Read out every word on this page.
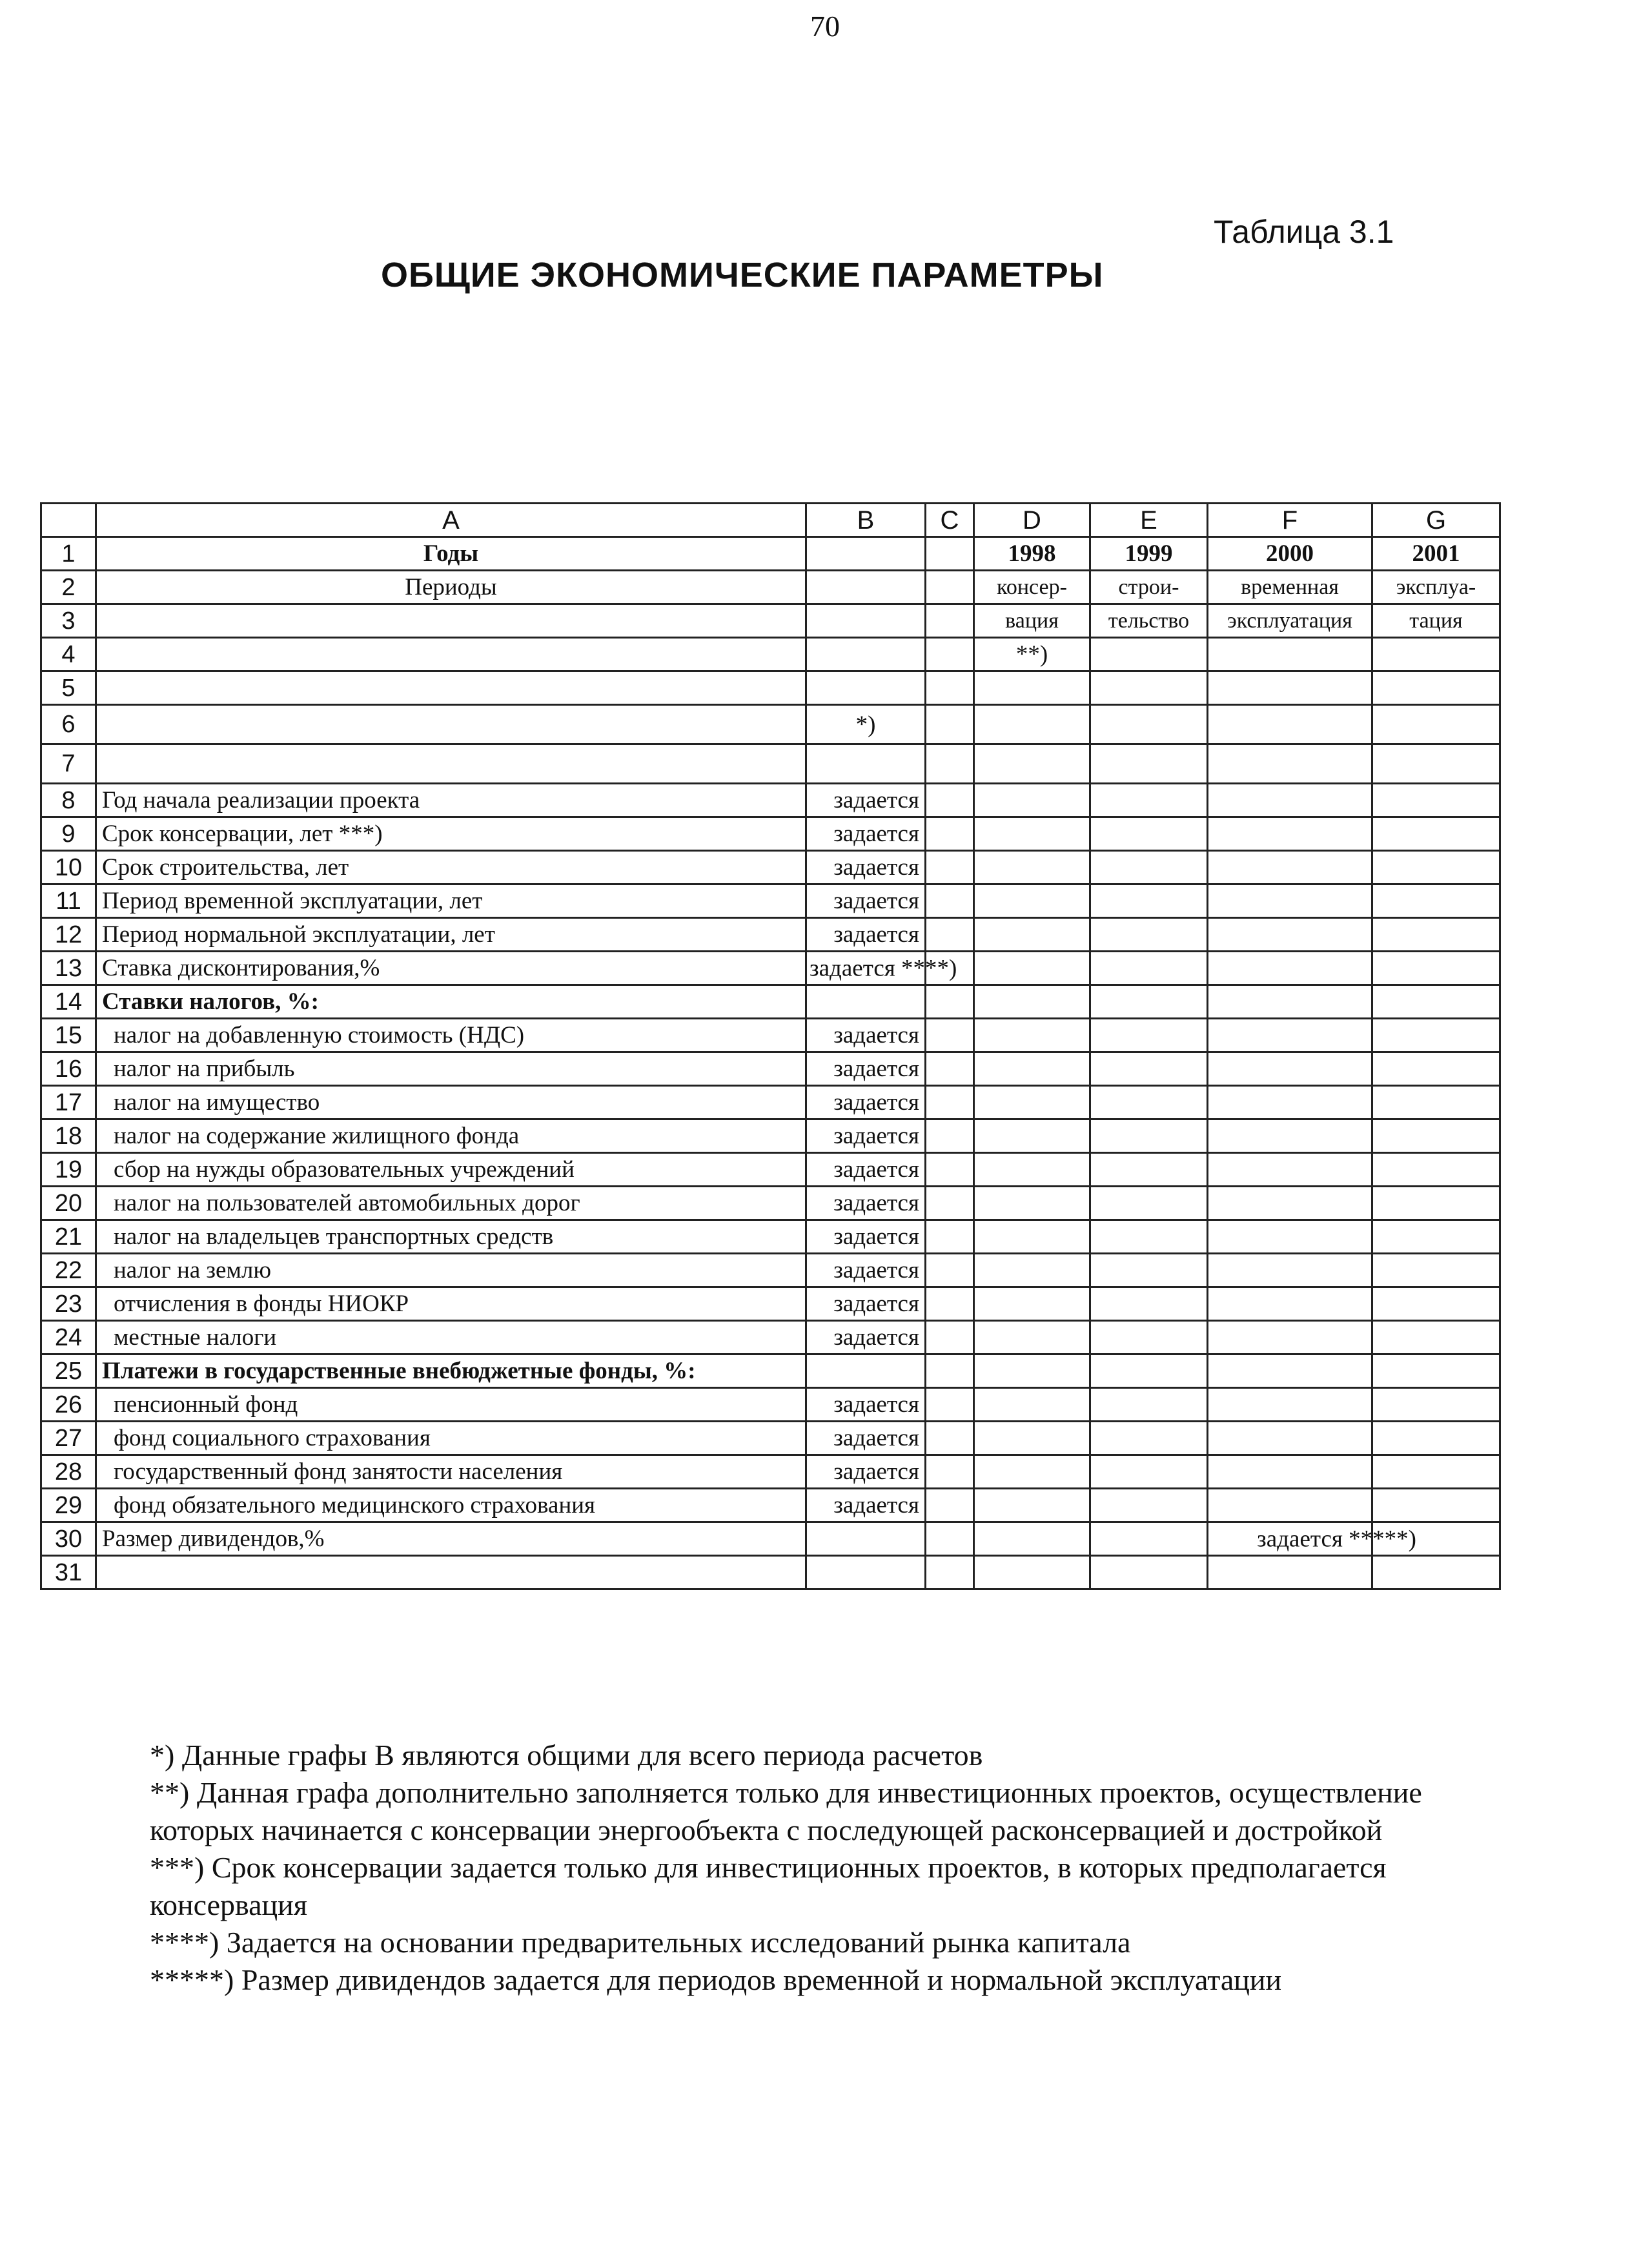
70
Таблица 3.1
ОБЩИЕ ЭКОНОМИЧЕСКИЕ ПАРАМЕТРЫ
	A	B	C	D	E	F	G
1	Годы			1998	1999	2000	2001
2	Периоды			консер-	строи-	временная	эксплуа-
3				вация	тельство	эксплуатация	тация
4				**)			
5							
6		*)					
7							
8	Год начала реализации проекта	задается					
9	Срок консервации, лет ***)	задается					
10	Срок строительства, лет	задается					
11	Период временной эксплуатации, лет	задается					
12	Период нормальной эксплуатации, лет	задается					
13	Ставка дисконтирования,%	задается ****)					

14	Ставки налогов, %:						
15	налог на добавленную стоимость (НДС)	задается					
16	налог на прибыль	задается					
17	налог на имущество	задается					
18	налог на содержание жилищного фонда	задается					
19	сбор на нужды образовательных учреждений	задается					
20	налог на пользователей автомобильных дорог	задается					
21	налог на владельцев транспортных средств	задается					
22	налог на землю	задается					
23	отчисления в фонды НИОКР	задается					
24	местные налоги	задается					
25	Платежи в государственные внебюджетные фонды, %:						
26	пенсионный фонд	задается					
27	фонд социального страхования	задается					
28	государственный фонд занятости населения	задается					
29	фонд обязательного медицинского страхования	задается					
30	Размер дивидендов,%					задается *****)	

31							

*) Данные графы В являются общими для всего периода расчетов

**) Данная графа дополнительно заполняется только для инвестиционных проектов, осуществление которых начинается с консервации энергообъекта с последующей расконсервацией и достройкой

***) Срок консервации задается только для инвестиционных проектов, в которых предполагается консервация

****) Задается на основании предварительных исследований рынка капитала

*****) Размер дивидендов задается для периодов временной и нормальной эксплуатации
